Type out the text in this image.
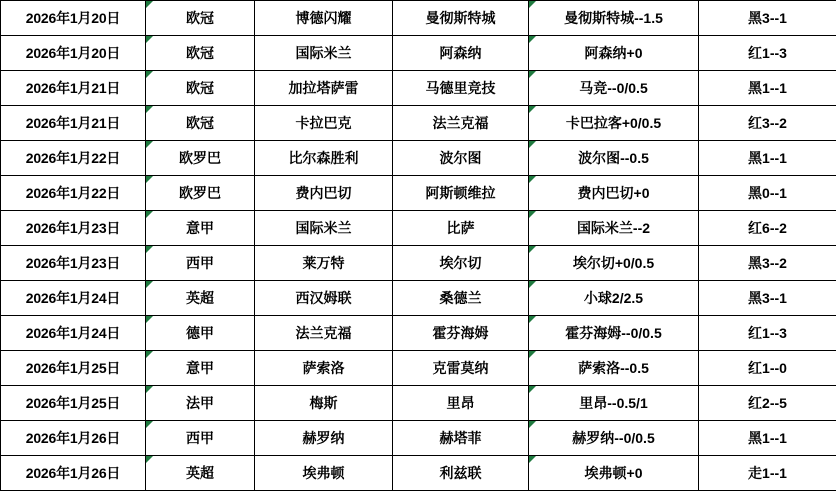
2026年1月20日	欧冠	博德闪耀	曼彻斯特城	曼彻斯特城--1.5	黑3--1
2026年1月20日	欧冠	国际米兰	阿森纳	阿森纳+0	红1--3
2026年1月21日	欧冠	加拉塔萨雷	马德里竞技	马竞--0/0.5	黑1--1
2026年1月21日	欧冠	卡拉巴克	法兰克福	卡巴拉客+0/0.5	红3--2
2026年1月22日	欧罗巴	比尔森胜利	波尔图	波尔图--0.5	黑1--1
2026年1月22日	欧罗巴	费内巴切	阿斯顿维拉	费内巴切+0	黑0--1
2026年1月23日	意甲	国际米兰	比萨	国际米兰--2	红6--2
2026年1月23日	西甲	莱万特	埃尔切	埃尔切+0/0.5	黑3--2
2026年1月24日	英超	西汉姆联	桑德兰	小球2/2.5	黑3--1
2026年1月24日	德甲	法兰克福	霍芬海姆	霍芬海姆--0/0.5	红1--3
2026年1月25日	意甲	萨索洛	克雷莫纳	萨索洛--0.5	红1--0
2026年1月25日	法甲	梅斯	里昂	里昂--0.5/1	红2--5
2026年1月26日	西甲	赫罗纳	赫塔菲	赫罗纳--0/0.5	黑1--1
2026年1月26日	英超	埃弗顿	利兹联	埃弗顿+0	走1--1
